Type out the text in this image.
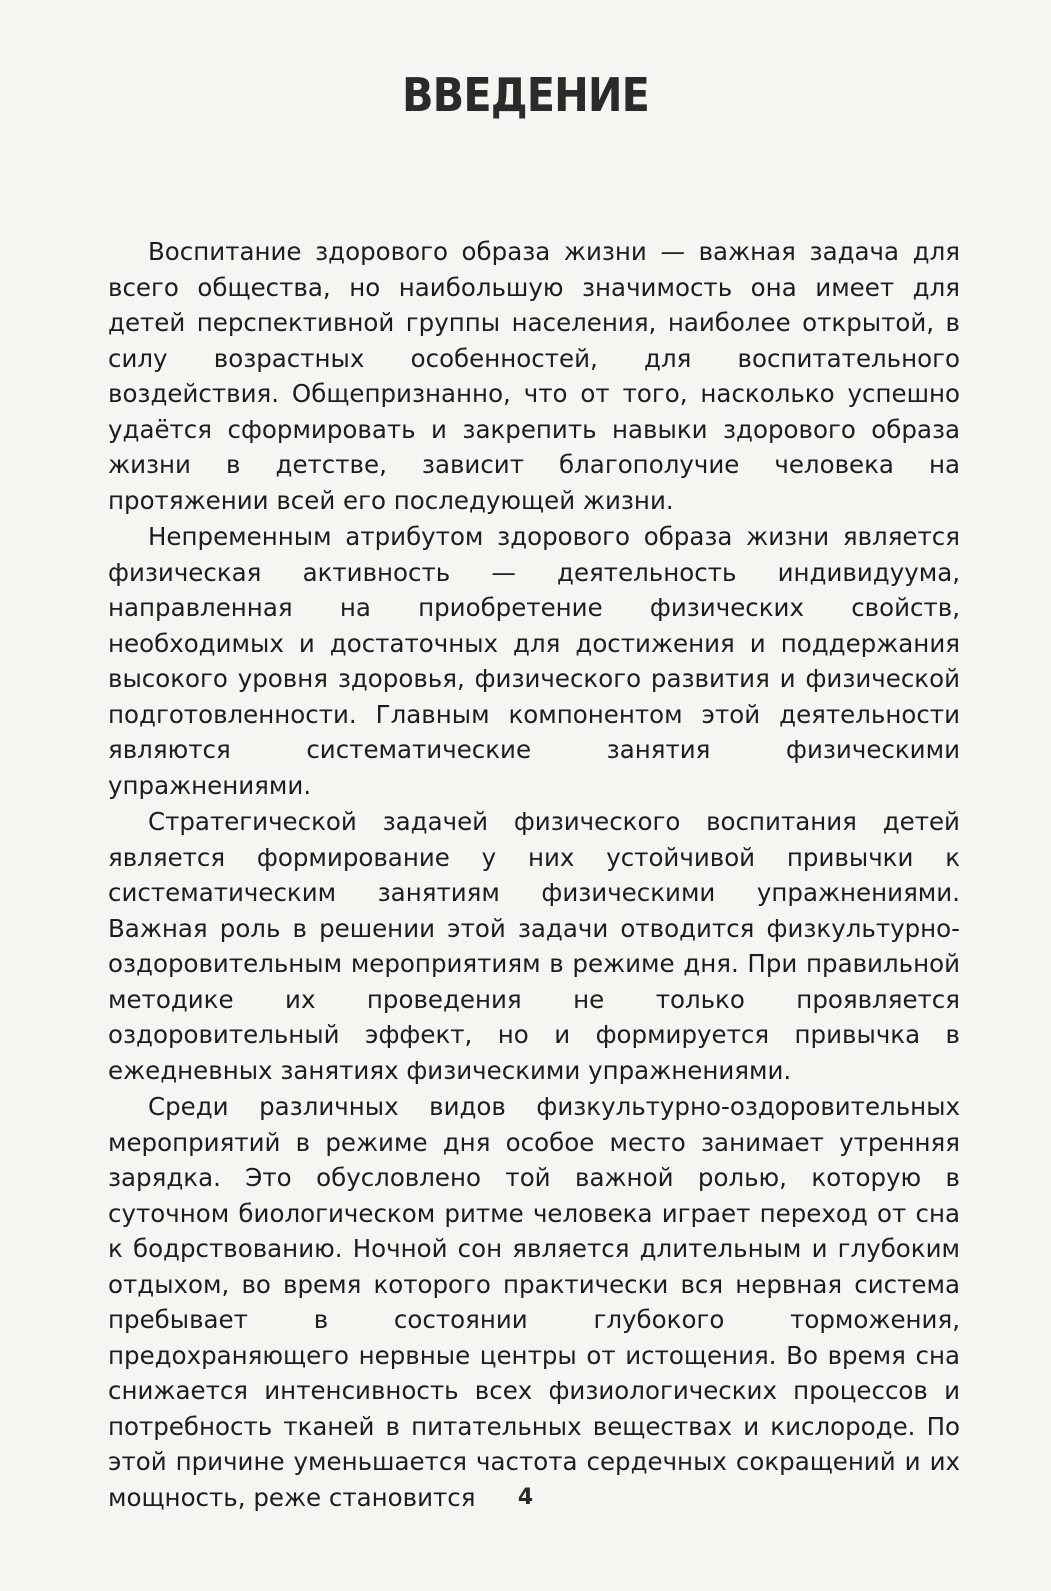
ВВЕДЕНИЕ

Воспитание здорового образа жизни — важная задача для всего общества, но наибольшую значимость она имеет для детей перспективной группы населения, наиболее открытой, в силу возрастных особенностей, для воспитательного воздействия. Общепризнанно, что от того, насколько успешно удаётся сформировать и закрепить навыки здорового образа жизни в детстве, зависит благополучие человека на протяжении всей его последующей жизни.

Непременным атрибутом здорового образа жизни является физическая активность — деятельность индивидуума, направленная на приобретение физических свойств, необходимых и достаточных для достижения и поддержания высокого уровня здоровья, физического развития и физической подготовленности. Главным компонентом этой деятельности являются систематические занятия физическими упражнениями.

Стратегической задачей физического воспитания детей является формирование у них устойчивой привычки к систематическим занятиям физическими упражнениями. Важная роль в решении этой задачи отводится физкультурно-оздоровительным мероприятиям в режиме дня. При правильной методике их проведения не только проявляется оздоровительный эффект, но и формируется привычка в ежедневных занятиях физическими упражнениями.

Среди различных видов физкультурно-оздоровительных мероприятий в режиме дня особое место занимает утренняя зарядка. Это обусловлено той важной ролью, которую в суточном биологическом ритме человека играет переход от сна к бодрствованию. Ночной сон является длительным и глубоким отдыхом, во время которого практически вся нервная система пребывает в состоянии глубокого торможения, предохраняющего нервные центры от истощения. Во время сна снижается интенсивность всех физиологических процессов и потребность тканей в питательных веществах и кислороде. По этой причине уменьшается частота сердечных сокращений и их мощность, реже становится	4
